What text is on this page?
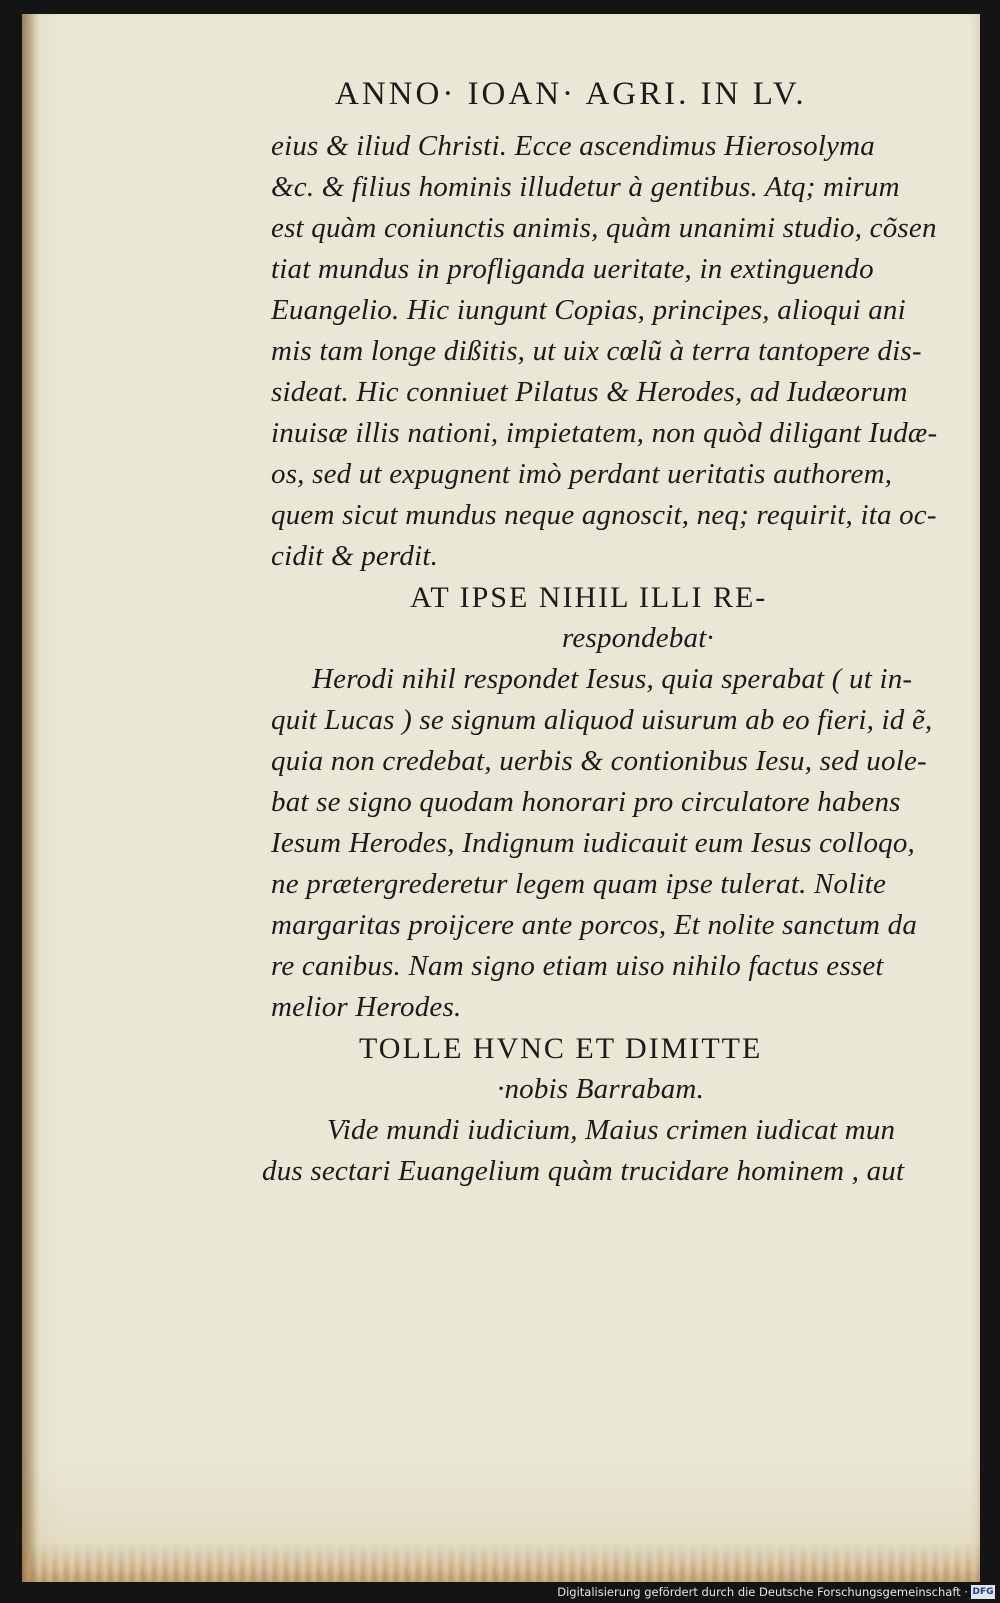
ANNO· IOAN· AGRI. IN LV.

eius & iliud Christi. Ecce ascendimus Hierosolyma

&c. & filius hominis illudetur à gentibus. Atq; mirum

est quàm coniunctis animis, quàm unanimi studio, cõsen

tiat mundus in profliganda ueritate, in extinguendo

Euangelio. Hic iungunt Copias, principes, alioqui ani

mis tam longe dißitis, ut uix cœlũ à terra tantopere dis-

sideat. Hic conniuet Pilatus & Herodes, ad Iudæorum

inuisæ illis nationi, impietatem, non quòd diligant Iudæ-

os, sed ut expugnent imò perdant ueritatis authorem,

quem sicut mundus neque agnoscit, neq; requirit, ita oc-

cidit & perdit.

AT IPSE NIHIL ILLI RE-

respondebat·

Herodi nihil respondet Iesus, quia sperabat ( ut in-

quit Lucas ) se signum aliquod uisurum ab eo fieri, id ẽ,

quia non credebat, uerbis & contionibus Iesu, sed uole-

bat se signo quodam honorari pro circulatore habens

Iesum Herodes, Indignum iudicauit eum Iesus colloqo,

ne prætergrederetur legem quam ipse tulerat. Nolite

margaritas proijcere ante porcos, Et nolite sanctum da

re canibus. Nam signo etiam uiso nihilo factus esset

melior Herodes.

TOLLE HVNC ET DIMITTE

·nobis Barrabam.

Vide mundi iudicium, Maius crimen iudicat mun

dus sectari Euangelium quàm trucidare hominem , aut

Digitalisierung gefördert durch die Deutsche Forschungsgemeinschaft · DFG
